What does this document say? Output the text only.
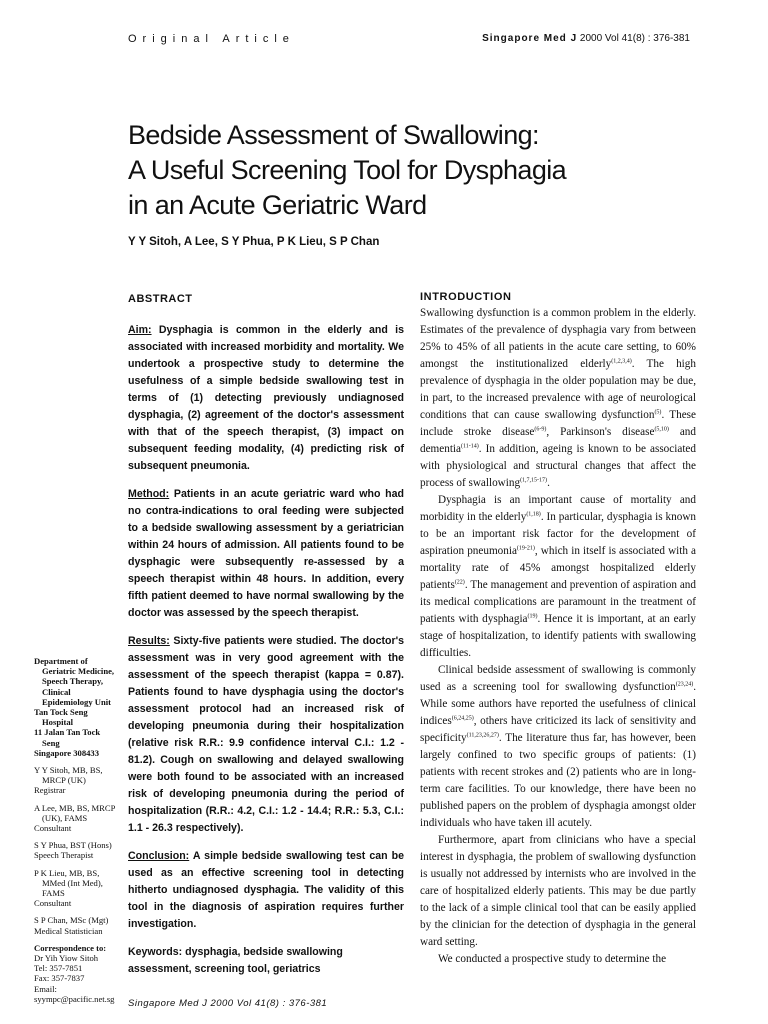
Original Article	Singapore Med J 2000 Vol 41(8) : 376-381
Bedside Assessment of Swallowing:
A Useful Screening Tool for Dysphagia
in an Acute Geriatric Ward
Y Y Sitoh, A Lee, S Y Phua, P K Lieu, S P Chan
ABSTRACT

Aim: Dysphagia is common in the elderly and is associated with increased morbidity and mortality. We undertook a prospective study to determine the usefulness of a simple bedside swallowing test in terms of (1) detecting previously undiagnosed dysphagia, (2) agreement of the doctor's assessment with that of the speech therapist, (3) impact on subsequent feeding modality, (4) predicting risk of subsequent pneumonia.

Method: Patients in an acute geriatric ward who had no contra-indications to oral feeding were subjected to a bedside swallowing assessment by a geriatrician within 24 hours of admission. All patients found to be dysphagic were subsequently re-assessed by a speech therapist within 48 hours. In addition, every fifth patient deemed to have normal swallowing by the doctor was assessed by the speech therapist.

Results: Sixty-five patients were studied. The doctor's assessment was in very good agreement with the assessment of the speech therapist (kappa = 0.87). Patients found to have dysphagia using the doctor's assessment protocol had an increased risk of developing pneumonia during their hospitalization (relative risk R.R.: 9.9 confidence interval C.I.: 1.2 - 81.2). Cough on swallowing and delayed swallowing were both found to be associated with an increased risk of developing pneumonia during the period of hospitalization (R.R.: 4.2, C.I.: 1.2 - 14.4; R.R.: 5.3, C.I.: 1.1 - 26.3 respectively).

Conclusion: A simple bedside swallowing test can be used as an effective screening tool in detecting hitherto undiagnosed dysphagia. The validity of this tool in the diagnosis of aspiration requires further investigation.

Keywords: dysphagia, bedside swallowing assessment, screening tool, geriatrics

Department of
Geriatric Medicine,
Speech Therapy,
Clinical
Epidemiology Unit
Tan Tock Seng
Hospital
11 Jalan Tan Tock
Seng
Singapore 308433
Y Y Sitoh, MB, BS,
MRCP (UK)
Registrar
A Lee, MB, BS, MRCP
(UK), FAMS
Consultant
S Y Phua, BST (Hons)
Speech Therapist
P K Lieu, MB, BS,
MMed (Int Med),
FAMS
Consultant
S P Chan, MSc (Mgt)
Medical Statistician
Correspondence to:
Dr Yih Yiow Sitoh
Tel: 357-7851
Fax: 357-7837
Email:
syympc@pacific.net.sg
INTRODUCTION

Swallowing dysfunction is a common problem in the elderly. Estimates of the prevalence of dysphagia vary from between 25% to 45% of all patients in the acute care setting, to 60% amongst the institutionalized elderly$^{(1,2,3,4)}$. The high prevalence of dysphagia in the older population may be due, in part, to the increased prevalence with age of neurological conditions that can cause swallowing dysfunction$^{(5)}$. These include stroke disease$^{(6-9)}$, Parkinson's disease$^{(5,10)}$ and dementia$^{(11-14)}$. In addition, ageing is known to be associated with physiological and structural changes that affect the process of swallowing$^{(1,7,15-17)}$.

Dysphagia is an important cause of mortality and morbidity in the elderly$^{(1,18)}$. In particular, dysphagia is known to be an important risk factor for the development of aspiration pneumonia$^{(19-21)}$, which in itself is associated with a mortality rate of 45% amongst hospitalized elderly patients$^{(22)}$. The management and prevention of aspiration and its medical complications are paramount in the treatment of patients with dysphagia$^{(19)}$. Hence it is important, at an early stage of hospitalization, to identify patients with swallowing difficulties.

Clinical bedside assessment of swallowing is commonly used as a screening tool for swallowing dysfunction$^{(23,24)}$. While some authors have reported the usefulness of clinical indices$^{(6,24,25)}$, others have criticized its lack of sensitivity and specificity$^{(11,23,26,27)}$. The literature thus far, has however, been largely confined to two specific groups of patients: (1) patients with recent strokes and (2) patients who are in long-term care facilities. To our knowledge, there have been no published papers on the problem of dysphagia amongst older individuals who have taken ill acutely.

Furthermore, apart from clinicians who have a special interest in dysphagia, the problem of swallowing dysfunction is usually not addressed by internists who are involved in the care of hospitalized elderly patients. This may be due partly to the lack of a simple clinical tool that can be easily applied by the clinician for the detection of dysphagia in the general ward setting.

We conducted a prospective study to determine the

Singapore Med J 2000 Vol 41(8) : 376-381
